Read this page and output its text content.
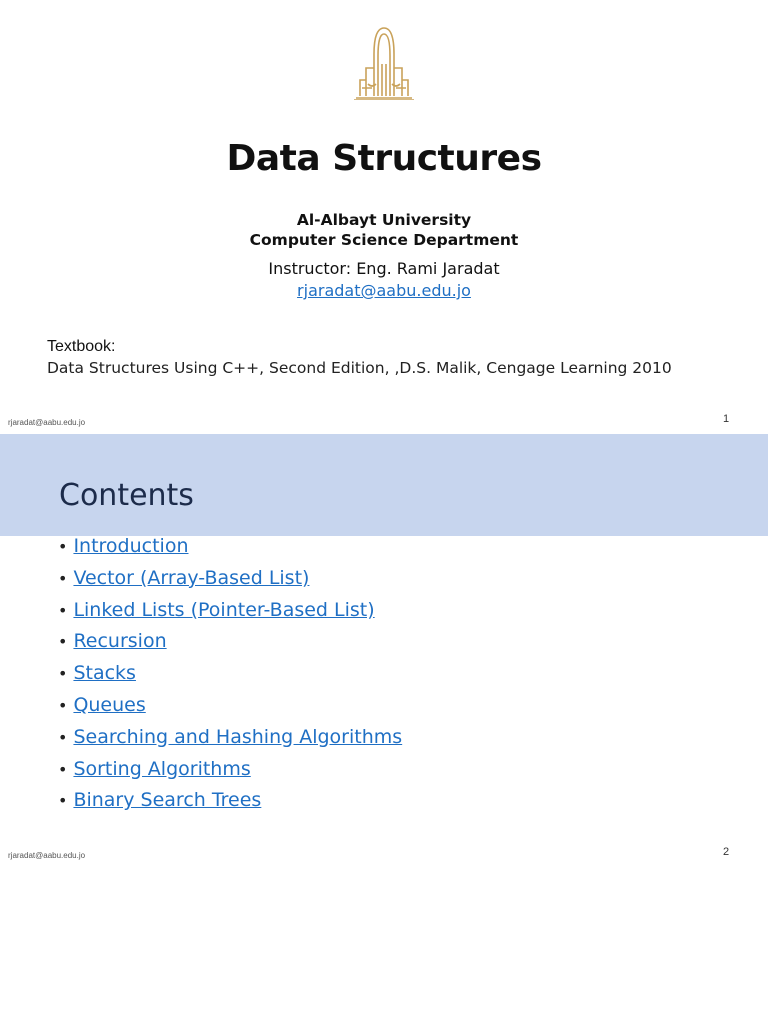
Data Structures
Al-Albayt University
Computer Science Department
Instructor: Eng. Rami Jaradat
rjaradat@aabu.edu.jo
Textbook:
Data Structures Using C++, Second Edition, ,D.S. Malik, Cengage Learning 2010
rjaradat@aabu.edu.jo	1
Contents
• Introduction
• Vector (Array-Based List)
• Linked Lists (Pointer-Based List)
• Recursion
• Stacks
• Queues
• Searching and Hashing Algorithms
• Sorting Algorithms
• Binary Search Trees
rjaradat@aabu.edu.jo	2
